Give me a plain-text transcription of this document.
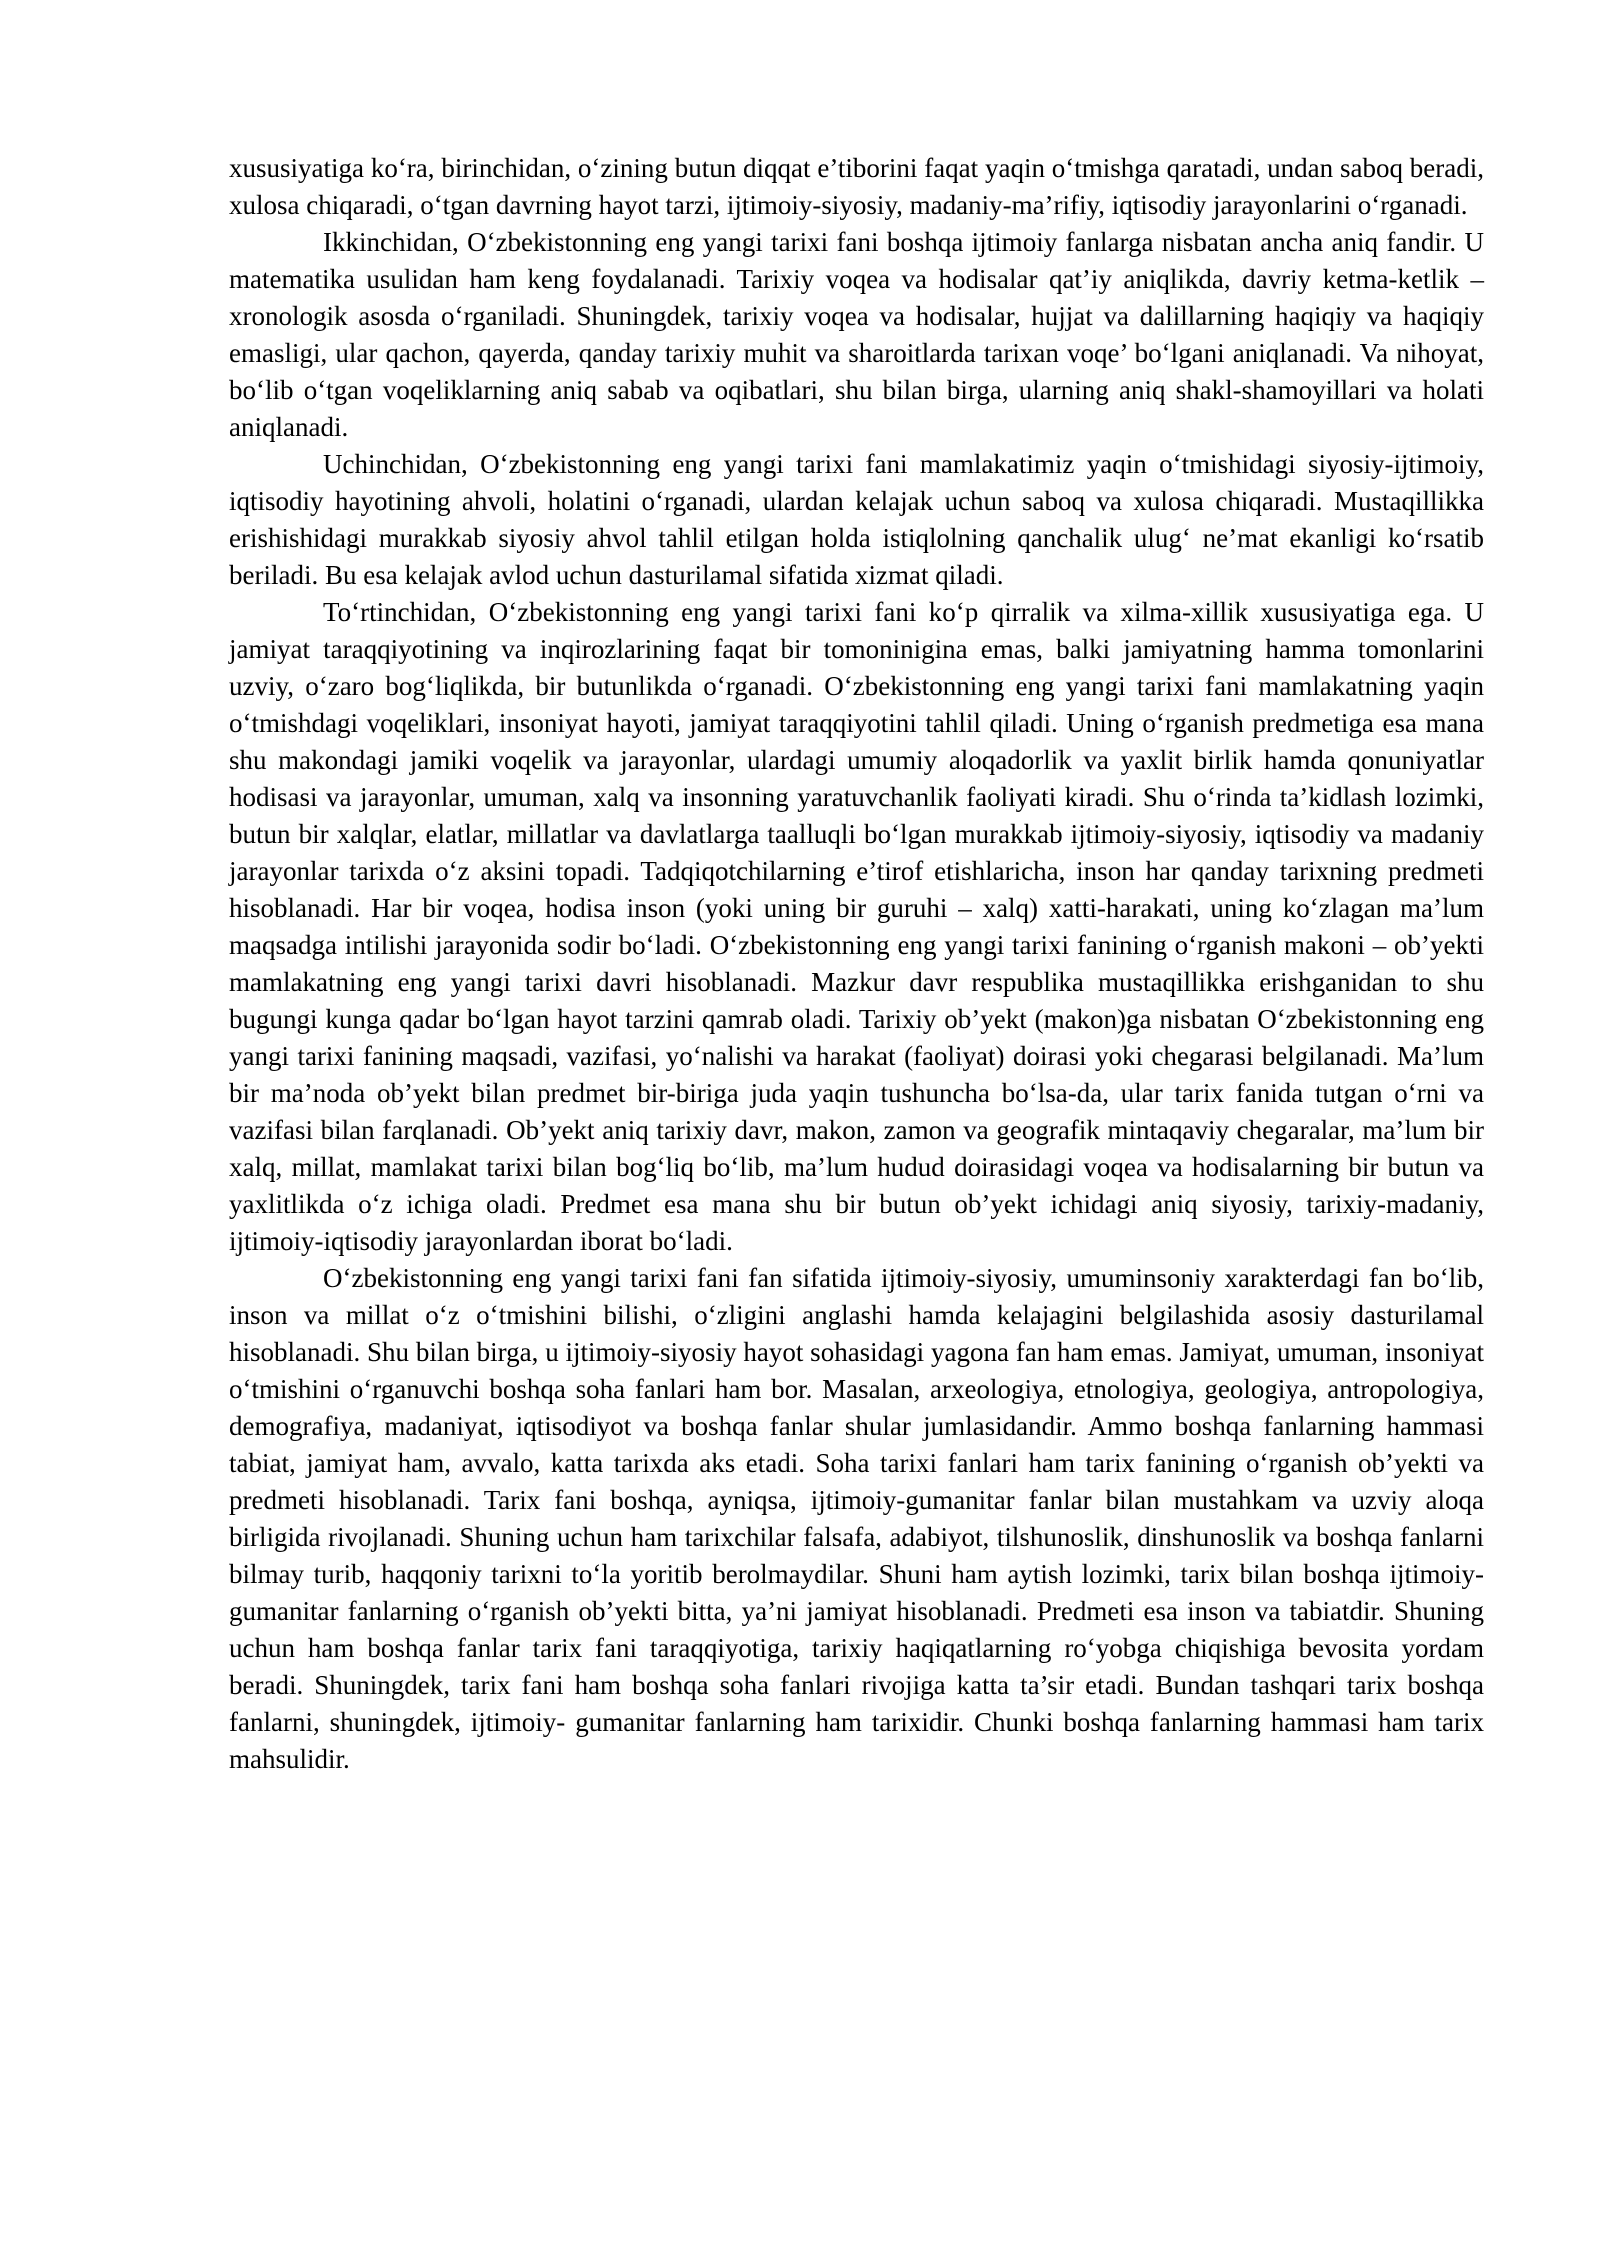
xususiyatiga ko‘ra, birinchidan, o‘zining butun diqqat e’tiborini faqat yaqin o‘tmishga qaratadi, undan saboq beradi, xulosa chiqaradi, o‘tgan davrning hayot tarzi, ijtimoiy-siyosiy, madaniy-ma’rifiy, iqtisodiy jarayonlarini o‘rganadi.

Ikkinchidan, O‘zbekistonning eng yangi tarixi fani boshqa ijtimoiy fanlarga nisbatan ancha aniq fandir. U matematika usulidan ham keng foydalanadi. Tarixiy voqea va hodisalar qat’iy aniqlikda, davriy ketma-ketlik – xronologik asosda o‘rganiladi. Shuningdek, tarixiy voqea va hodisalar, hujjat va dalillarning haqiqiy va haqiqiy emasligi, ular qachon, qayerda, qanday tarixiy muhit va sharoitlarda tarixan voqe’ bo‘lgani aniqlanadi. Va nihoyat, bo‘lib o‘tgan voqeliklarning aniq sabab va oqibatlari, shu bilan birga, ularning aniq shakl-shamoyillari va holati aniqlanadi.

Uchinchidan, O‘zbekistonning eng yangi tarixi fani mamlakatimiz yaqin o‘tmishidagi siyosiy-ijtimoiy, iqtisodiy hayotining ahvoli, holatini o‘rganadi, ulardan kelajak uchun saboq va xulosa chiqaradi. Mustaqillikka erishishidagi murakkab siyosiy ahvol tahlil etilgan holda istiqlolning qanchalik ulug‘ ne’mat ekanligi ko‘rsatib beriladi. Bu esa kelajak avlod uchun dasturilamal sifatida xizmat qiladi.

To‘rtinchidan, O‘zbekistonning eng yangi tarixi fani ko‘p qirralik va xilma-xillik xususiyatiga ega. U jamiyat taraqqiyotining va inqirozlarining faqat bir tomoninigina emas, balki jamiyatning hamma tomonlarini uzviy, o‘zaro bog‘liqlikda, bir butunlikda o‘rganadi. O‘zbekistonning eng yangi tarixi fani mamlakatning yaqin o‘tmishdagi voqeliklari, insoniyat hayoti, jamiyat taraqqiyotini tahlil qiladi. Uning o‘rganish predmetiga esa mana shu makondagi jamiki voqelik va jarayonlar, ulardagi umumiy aloqadorlik va yaxlit birlik hamda qonuniyatlar hodisasi va jarayonlar, umuman, xalq va insonning yaratuvchanlik faoliyati kiradi. Shu o‘rinda ta’kidlash lozimki, butun bir xalqlar, elatlar, millatlar va davlatlarga taalluqli bo‘lgan murakkab ijtimoiy-siyosiy, iqtisodiy va madaniy jarayonlar tarixda o‘z aksini topadi. Tadqiqotchilarning e’tirof etishlaricha, inson har qanday tarixning predmeti hisoblanadi. Har bir voqea, hodisa inson (yoki uning bir guruhi – xalq) xatti-harakati, uning ko‘zlagan ma’lum maqsadga intilishi jarayonida sodir bo‘ladi. O‘zbekistonning eng yangi tarixi fanining o‘rganish makoni – ob’yekti mamlakatning eng yangi tarixi davri hisoblanadi. Mazkur davr respublika mustaqillikka erishganidan to shu bugungi kunga qadar bo‘lgan hayot tarzini qamrab oladi. Tarixiy ob’yekt (makon)ga nisbatan O‘zbekistonning eng yangi tarixi fanining maqsadi, vazifasi, yo‘nalishi va harakat (faoliyat) doirasi yoki chegarasi belgilanadi. Ma’lum bir ma’noda ob’yekt bilan predmet bir-biriga juda yaqin tushuncha bo‘lsa-da, ular tarix fanida tutgan o‘rni va vazifasi bilan farqlanadi. Ob’yekt aniq tarixiy davr, makon, zamon va geografik mintaqaviy chegaralar, ma’lum bir xalq, millat, mamlakat tarixi bilan bog‘liq bo‘lib, ma’lum hudud doirasidagi voqea va hodisalarning bir butun va yaxlitlikda o‘z ichiga oladi. Predmet esa mana shu bir butun ob’yekt ichidagi aniq siyosiy, tarixiy-madaniy, ijtimoiy-iqtisodiy jarayonlardan iborat bo‘ladi.

O‘zbekistonning eng yangi tarixi fani fan sifatida ijtimoiy-siyosiy, umuminsoniy xarakterdagi fan bo‘lib, inson va millat o‘z o‘tmishini bilishi, o‘zligini anglashi hamda kelajagini belgilashida asosiy dasturilamal hisoblanadi. Shu bilan birga, u ijtimoiy-siyosiy hayot sohasidagi yagona fan ham emas. Jamiyat, umuman, insoniyat o‘tmishini o‘rganuvchi boshqa soha fanlari ham bor. Masalan, arxeologiya, etnologiya, geologiya, antropologiya, demografiya, madaniyat, iqtisodiyot va boshqa fanlar shular jumlasidandir. Ammo boshqa fanlarning hammasi tabiat, jamiyat ham, avvalo, katta tarixda aks etadi. Soha tarixi fanlari ham tarix fanining o‘rganish ob’yekti va predmeti hisoblanadi. Tarix fani boshqa, ayniqsa, ijtimoiy-gumanitar fanlar bilan mustahkam va uzviy aloqa birligida rivojlanadi. Shuning uchun ham tarixchilar falsafa, adabiyot, tilshunoslik, dinshunoslik va boshqa fanlarni bilmay turib, haqqoniy tarixni to‘la yoritib berolmaydilar. Shuni ham aytish lozimki, tarix bilan boshqa ijtimoiy-gumanitar fanlarning o‘rganish ob’yekti bitta, ya’ni jamiyat hisoblanadi. Predmeti esa inson va tabiatdir. Shuning uchun ham boshqa fanlar tarix fani taraqqiyotiga, tarixiy haqiqatlarning ro‘yobga chiqishiga bevosita yordam beradi. Shuningdek, tarix fani ham boshqa soha fanlari rivojiga katta ta’sir etadi. Bundan tashqari tarix boshqa fanlarni, shuningdek, ijtimoiy- gumanitar fanlarning ham tarixidir. Chunki boshqa fanlarning hammasi ham tarix mahsulidir.
